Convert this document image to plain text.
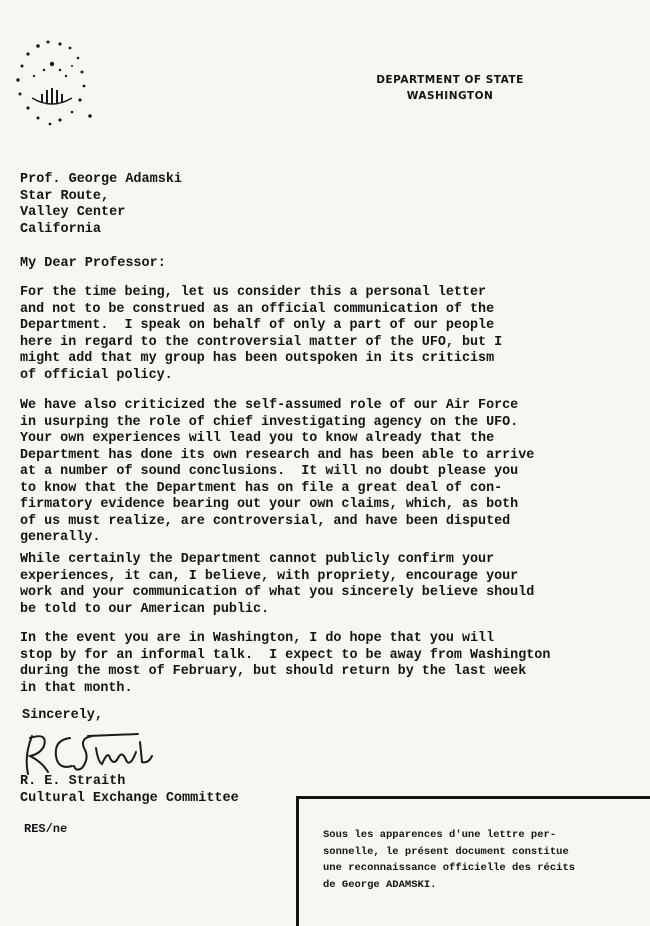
DEPARTMENT OF STATE
WASHINGTON
Prof. George Adamski
Star Route,
Valley Center
California
My Dear Professor:
For the time being, let us consider this a personal letter
and not to be construed as an official communication of the
Department.  I speak on behalf of only a part of our people
here in regard to the controversial matter of the UFO, but I
might add that my group has been outspoken in its criticism
of official policy.
We have also criticized the self-assumed role of our Air Force
in usurping the role of chief investigating agency on the UFO.
Your own experiences will lead you to know already that the
Department has done its own research and has been able to arrive
at a number of sound conclusions.  It will no doubt please you
to know that the Department has on file a great deal of con-
firmatory evidence bearing out your own claims, which, as both
of us must realize, are controversial, and have been disputed
generally.
While certainly the Department cannot publicly confirm your
experiences, it can, I believe, with propriety, encourage your
work and your communication of what you sincerely believe should
be told to our American public.
In the event you are in Washington, I do hope that you will
stop by for an informal talk.  I expect to be away from Washington
during the most of February, but should return by the last week
in that month.
Sincerely,
R. E. Straith
Cultural Exchange Committee
RES/ne	Sous les apparences d'une lettre per-
sonnelle, le présent document constitue
une reconnaissance officielle des récits
de George ADAMSKI.
